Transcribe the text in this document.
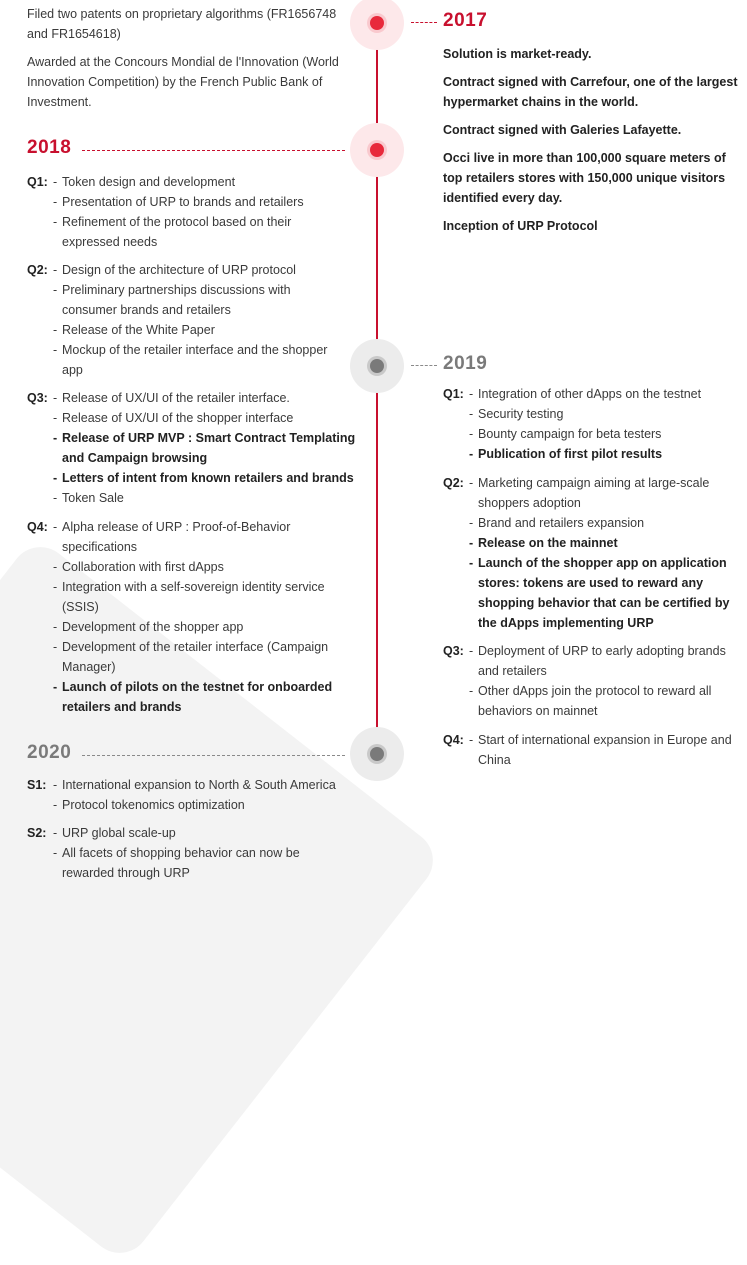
Filed two patents on proprietary algorithms (FR1656748 and FR1654618)

Awarded at the Concours Mondial de l'Innovation (World Innovation Competition) by the French Public Bank of Investment.

2017

Solution is market-ready.

Contract signed with Carrefour, one of the largest hypermarket chains in the world.

Contract signed with Galeries Lafayette.

Occi live in more than 100,000 square meters of top retailers stores with 150,000 unique visitors identified every day.

Inception of URP Protocol

2018
Q1:	- Token design and development
- Presentation of URP to brands and retailers
- Refinement of the protocol based on their expressed needs
Q2:	- Design of the architecture of URP protocol
- Preliminary partnerships discussions with consumer brands and retailers
- Release of the White Paper
- Mockup of the retailer interface and the shopper app
Q3:	- Release of UX/UI of the retailer interface.
- Release of UX/UI of the shopper interface
- Release of URP MVP : Smart Contract Templating and Campaign browsing
- Letters of intent from known retailers and brands
- Token Sale
Q4:	- Alpha release of URP : Proof-of-Behavior specifications
- Collaboration with first dApps
- Integration with a self-sovereign identity service (SSIS)
- Development of the shopper app
- Development of the retailer interface (Campaign Manager)
- Launch of pilots on the testnet for onboarded retailers and brands
2019
Q1:	- Integration of other dApps on the testnet
- Security testing
- Bounty campaign for beta testers
- Publication of first pilot results
Q2:	- Marketing campaign aiming at large-scale shoppers adoption
- Brand and retailers expansion
- Release on the mainnet
- Launch of the shopper app on application stores: tokens are used to reward any shopping behavior that can be certified by the dApps implementing URP
Q3:	- Deployment of URP to early adopting brands and retailers
- Other dApps join the protocol to reward all behaviors on mainnet
Q4:	- Start of international expansion in Europe and China
2020
S1:	- International expansion to North & South America
- Protocol tokenomics optimization
S2:	- URP global scale-up
- All facets of shopping behavior can now be rewarded through URP
